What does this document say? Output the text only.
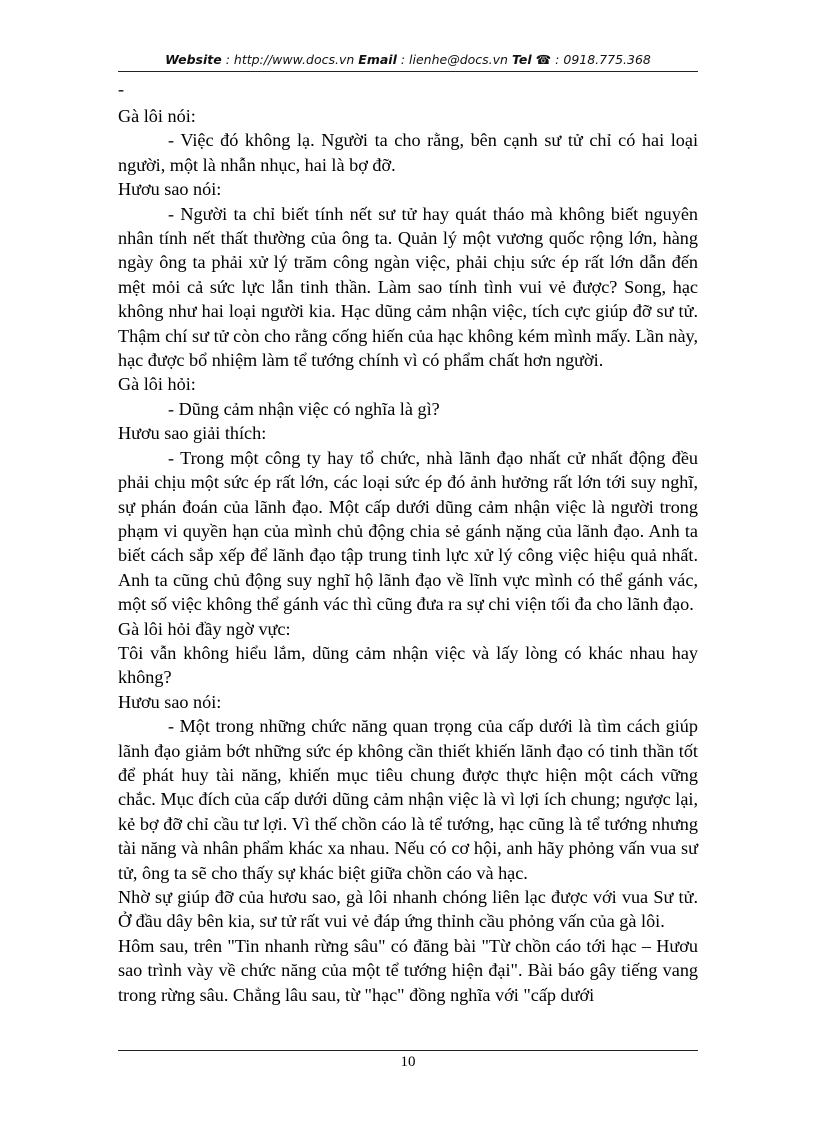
Website : http://www.docs.vn Email : lienhe@docs.vn Tel ☎ : 0918.775.368
-

Gà lôi nói:

- Việc đó không lạ. Người ta cho rằng, bên cạnh sư tử chỉ có hai loại người, một là nhẫn nhục, hai là bợ đỡ.

Hươu sao nói:

- Người ta chỉ biết tính nết sư tử hay quát tháo mà không biết nguyên nhân tính nết thất thường của ông ta. Quản lý một vương quốc rộng lớn, hàng ngày ông ta phải xử lý trăm công ngàn việc, phải chịu sức ép rất lớn dẫn đến mệt mỏi cả sức lực lẫn tinh thần. Làm sao tính tình vui vẻ được? Song, hạc không như hai loại người kia. Hạc dũng cảm nhận việc, tích cực giúp đỡ sư tử. Thậm chí sư tử còn cho rằng cống hiến của hạc không kém mình mấy. Lần này, hạc được bổ nhiệm làm tể tướng chính vì có phẩm chất hơn người.

Gà lôi hỏi:

- Dũng cảm nhận việc có nghĩa là gì?

Hươu sao giải thích:

- Trong một công ty hay tổ chức, nhà lãnh đạo nhất cử nhất động đều phải chịu một sức ép rất lớn, các loại sức ép đó ảnh hưởng rất lớn tới suy nghĩ, sự phán đoán của lãnh đạo. Một cấp dưới dũng cảm nhận việc là người trong phạm vi quyền hạn của mình chủ động chia sẻ gánh nặng của lãnh đạo. Anh ta biết cách sắp xếp để lãnh đạo tập trung tinh lực xử lý công việc hiệu quả nhất. Anh ta cũng chủ động suy nghĩ hộ lãnh đạo về lĩnh vực mình có thể gánh vác, một số việc không thể gánh vác thì cũng đưa ra sự chi viện tối đa cho lãnh đạo.

Gà lôi hỏi đầy ngờ vực:

Tôi vẫn không hiểu lắm, dũng cảm nhận việc và lấy lòng có khác nhau hay không?

Hươu sao nói:

- Một trong những chức năng quan trọng của cấp dưới là tìm cách giúp lãnh đạo giảm bớt những sức ép không cần thiết khiến lãnh đạo có tinh thần tốt để phát huy tài năng, khiến mục tiêu chung được thực hiện một cách vững chắc. Mục đích của cấp dưới dũng cảm nhận việc là vì lợi ích chung; ngược lại, kẻ bợ đỡ chỉ cầu tư lợi. Vì thế chồn cáo là tể tướng, hạc cũng là tể tướng nhưng tài năng và nhân phẩm khác xa nhau. Nếu có cơ hội, anh hãy phỏng vấn vua sư tử, ông ta sẽ cho thấy sự khác biệt giữa chồn cáo và hạc.

Nhờ sự giúp đỡ của hươu sao, gà lôi nhanh chóng liên lạc được với vua Sư tử. Ở đầu dây bên kia, sư tử rất vui vẻ đáp ứng thỉnh cầu phỏng vấn của gà lôi.

Hôm sau, trên "Tin nhanh rừng sâu" có đăng bài "Từ chồn cáo tới hạc – Hươu sao trình vày về chức năng của một tể tướng hiện đại". Bài báo gây tiếng vang trong rừng sâu. Chẳng lâu sau, từ "hạc" đồng nghĩa với "cấp dưới

10
